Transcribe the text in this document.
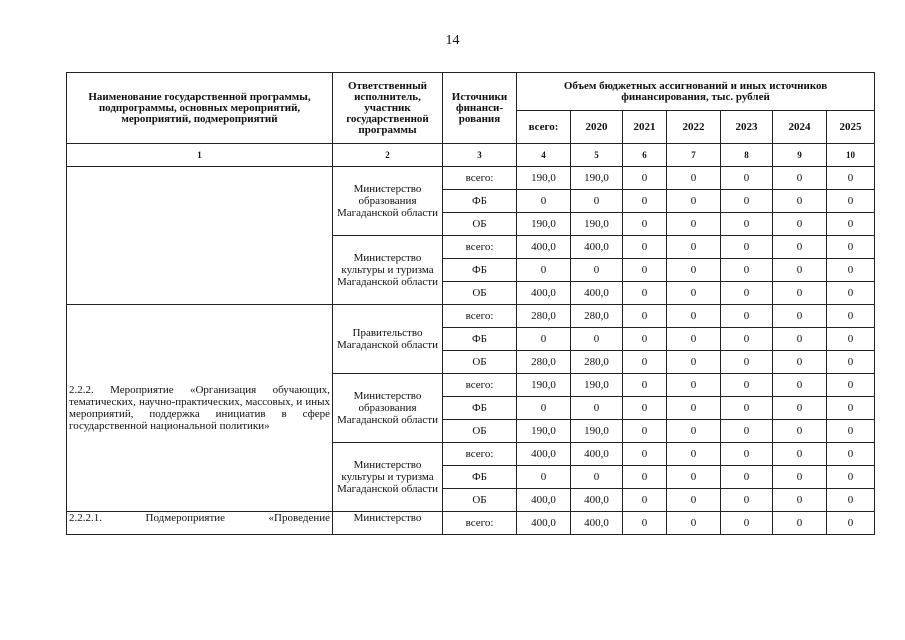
14
Наименование государственной программы, подпрограммы, основных мероприятий, мероприятий, подмероприятий	Ответственный исполнитель, участник государственной программы	Источники финанси-рования	Объем бюджетных ассигнований и иных источников финансирования, тыс. рублей						
			всего:	2020	2021	2022	2023	2024	2025
1	2	3	4	5	6	7	8	9	10
	Министерство образования Магаданской области	всего:	190,0	190,0	0	0	0	0	0
		ФБ	0	0	0	0	0	0	0
		ОБ	190,0	190,0	0	0	0	0	0
	Министерство культуры и туризма Магаданской области	всего:	400,0	400,0	0	0	0	0	0
		ФБ	0	0	0	0	0	0	0
		ОБ	400,0	400,0	0	0	0	0	0
2.2.2. Мероприятие «Организация обучающих, тематических, научно-практических, массовых, и иных мероприятий, поддержка инициатив в сфере государственной национальной политики»	Правительство Магаданской области	всего:	280,0	280,0	0	0	0	0	0
		ФБ	0	0	0	0	0	0	0
		ОБ	280,0	280,0	0	0	0	0	0
	Министерство образования Магаданской области	всего:	190,0	190,0	0	0	0	0	0
		ФБ	0	0	0	0	0	0	0
		ОБ	190,0	190,0	0	0	0	0	0
	Министерство культуры и туризма Магаданской области	всего:	400,0	400,0	0	0	0	0	0
		ФБ	0	0	0	0	0	0	0
		ОБ	400,0	400,0	0	0	0	0	0
2.2.2.1. Подмероприятие «Проведение	Министерство	всего:	400,0	400,0	0	0	0	0	0
